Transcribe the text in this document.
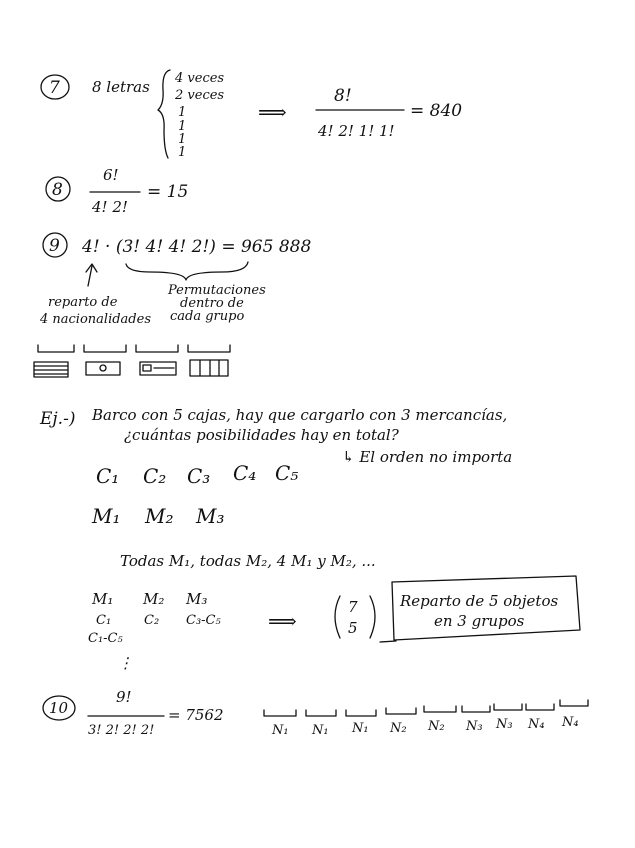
7 8 letras 4 veces
2 veces
1
1
1
1
⟹
8!
4! 2! 1! 1!
= 840
8
6!
4! 2!
= 15
9 4! · (3! 4! 4! 2!) = 965 888
reparto de
4 nacionalidades
Permutaciones
dentro de
cada grupo
Ej.-) Barco con 5 cajas, hay que cargarlo con 3 mercancías,
¿cuántas posibilidades hay en total?
↳ El orden no importa
C₁ C₂ C₃ C₄ C₅
M₁ M₂ M₃
Todas M₁, todas M₂, 4 M₁ y M₂, ...
M₁ M₂ M₃
C₁	C₂ C₃-C₅
C₁-C₅
⋮
⟹
7
5
Reparto de 5 objetos
en 3 grupos
10
9!
3! 2! 2! 2!
= 7562
N₁ N₁ N₁ N₂ N₂ N₃ N₃ N₄ N₄
